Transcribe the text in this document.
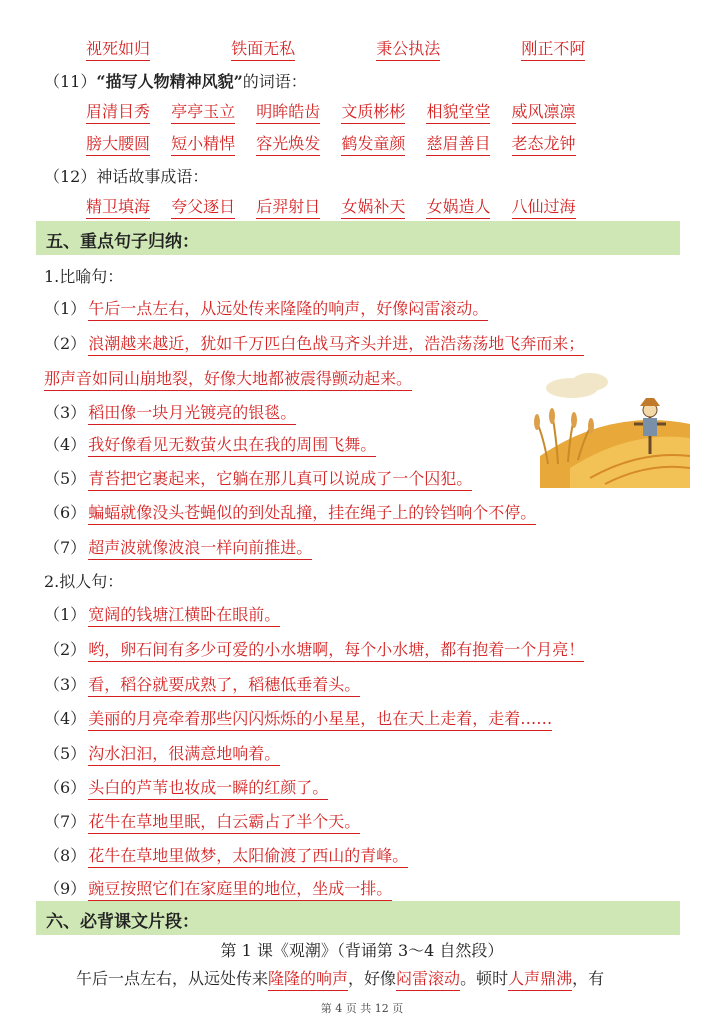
视死如归	铁面无私	秉公执法	刚正不阿
（11）“描写人物精神风貌”的词语：
眉清目秀 亭亭玉立 明眸皓齿 文质彬彬 相貌堂堂 威风凛凛
膀大腰圆 短小精悍 容光焕发 鹤发童颜 慈眉善目 老态龙钟
（12）神话故事成语：
精卫填海 夸父逐日 后羿射日 女娲补天 女娲造人 八仙过海
五、重点句子归纳：
1.比喻句：
（1） 午后一点左右，从远处传来隆隆的响声，好像闷雷滚动。
（2） 浪潮越来越近，犹如千万匹白色战马齐头并进，浩浩荡荡地飞奔而来；
那声音如同山崩地裂，好像大地都被震得颤动起来。
（3） 稻田像一块月光镀亮的银毯。
（4） 我好像看见无数萤火虫在我的周围飞舞。
（5） 青苔把它裹起来，它躺在那儿真可以说成了一个囚犯。
（6） 蝙蝠就像没头苍蝇似的到处乱撞，挂在绳子上的铃铛响个不停。
（7） 超声波就像波浪一样向前推进。
2.拟人句：
（1） 宽阔的钱塘江横卧在眼前。
（2） 哟，卵石间有多少可爱的小水塘啊，每个小水塘，都有抱着一个月亮！
（3） 看，稻谷就要成熟了，稻穗低垂着头。
（4） 美丽的月亮牵着那些闪闪烁烁的小星星，也在天上走着，走着……
（5） 沟水汩汩，很满意地响着。
（6） 头白的芦苇也妆成一瞬的红颜了。
（7） 花牛在草地里眠，白云霸占了半个天。
（8） 花牛在草地里做梦，太阳偷渡了西山的青峰。
（9） 豌豆按照它们在家庭里的地位，坐成一排。
六、必背课文片段：
第 1 课《观潮》（背诵第 3～4 自然段）
午后一点左右，从远处传来隆隆的响声，好像闷雷滚动。顿时人声鼎沸，有
第 4 页 共 12 页
